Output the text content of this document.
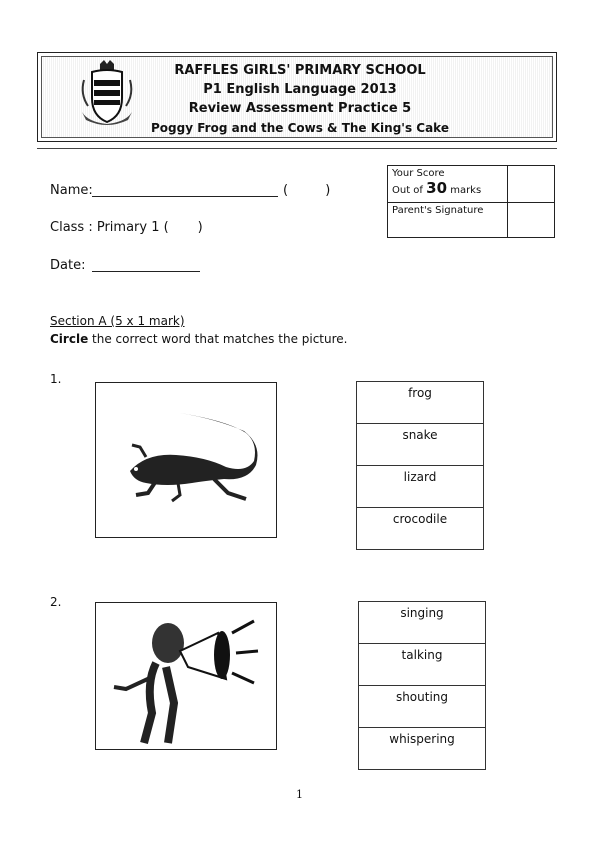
RAFFLES GIRLS' PRIMARY SCHOOL
P1 English Language 2013
Review Assessment Practice 5
Poggy Frog and the Cows & The King's Cake
Name:	(         )
Class : Primary 1 (       )
Date:
Your Score
Out of 30 marks	

Parent's Signature	
Section A (5 x 1 mark)
Circle the correct word that matches the picture.
1.
frog
snake
lizard
crocodile
2.
singing
talking
shouting
whispering
1
